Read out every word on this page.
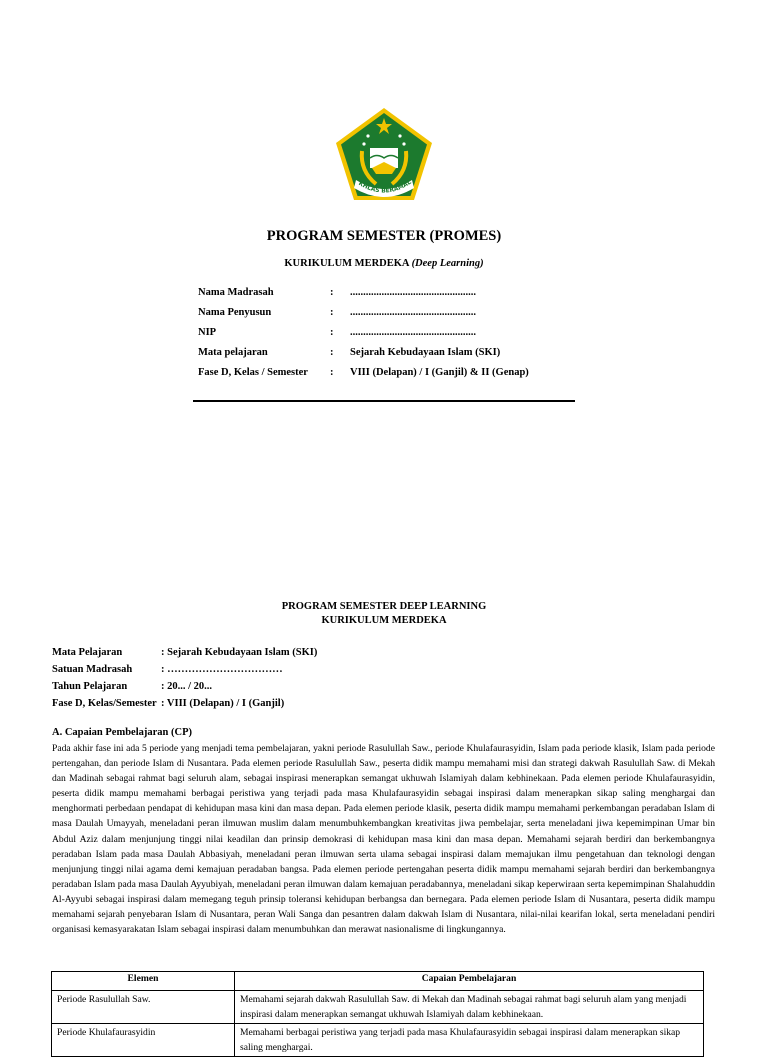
KHLAS BERAMAL
PROGRAM SEMESTER (PROMES)
KURIKULUM MERDEKA (Deep Learning)
Nama Madrasah	: ................................................
Nama Penyusun	: ................................................
NIP	: ................................................
Mata pelajaran	: Sejarah Kebudayaan Islam (SKI)
Fase D, Kelas / Semester : VIII (Delapan) / I (Ganjil) & II (Genap)
PROGRAM SEMESTER DEEP LEARNING
KURIKULUM MERDEKA
Mata Pelajaran	: Sejarah Kebudayaan Islam (SKI)
Satuan Madrasah	: ……………………………
Tahun Pelajaran	: 20... / 20...
Fase D, Kelas/Semester : VIII (Delapan) / I (Ganjil)
A. Capaian Pembelajaran (CP)
Pada akhir fase ini ada 5 periode yang menjadi tema pembelajaran, yakni periode Rasulullah Saw., periode Khulafaurasyidin, Islam pada periode klasik, Islam pada periode pertengahan, dan periode Islam di Nusantara. Pada elemen periode Rasulullah Saw., peserta didik mampu memahami misi dan strategi dakwah Rasulullah Saw. di Mekah dan Madinah sebagai rahmat bagi seluruh alam, sebagai inspirasi menerapkan semangat ukhuwah Islamiyah dalam kebhinekaan. Pada elemen periode Khulafaurasyidin, peserta didik mampu memahami berbagai peristiwa yang terjadi pada masa Khulafaurasyidin sebagai inspirasi dalam menerapkan sikap saling menghargai dan menghormati perbedaan pendapat di kehidupan masa kini dan masa depan. Pada elemen periode klasik, peserta didik mampu memahami perkembangan peradaban Islam di masa Daulah Umayyah, meneladani peran ilmuwan muslim dalam menumbuhkembangkan kreativitas jiwa pembelajar, serta meneladani jiwa kepemimpinan Umar bin Abdul Aziz dalam menjunjung tinggi nilai keadilan dan prinsip demokrasi di kehidupan masa kini dan masa depan. Memahami sejarah berdiri dan berkembangnya peradaban Islam pada masa Daulah Abbasiyah, meneladani peran ilmuwan serta ulama sebagai inspirasi dalam memajukan ilmu pengetahuan dan teknologi dengan menjunjung tinggi nilai agama demi kemajuan peradaban bangsa. Pada elemen periode pertengahan peserta didik mampu memahami sejarah berdiri dan berkembangnya peradaban Islam pada masa Daulah Ayyubiyah, meneladani peran ilmuwan dalam kemajuan peradabannya, meneladani sikap keperwiraan serta kepemimpinan Shalahuddin Al-Ayyubi sebagai inspirasi dalam memegang teguh prinsip toleransi kehidupan berbangsa dan bernegara. Pada elemen periode Islam di Nusantara, peserta didik mampu memahami sejarah penyebaran Islam di Nusantara, peran Wali Sanga dan pesantren dalam dakwah Islam di Nusantara, nilai-nilai kearifan lokal, serta meneladani pendiri organisasi kemasyarakatan Islam sebagai inspirasi dalam menumbuhkan dan merawat nasionalisme di lingkungannya.
Elemen	Capaian Pembelajaran
Periode Rasulullah Saw.	Memahami sejarah dakwah Rasulullah Saw. di Mekah dan Madinah sebagai rahmat bagi seluruh alam yang menjadi inspirasi dalam menerapkan semangat ukhuwah Islamiyah dalam kebhinekaan.
Periode Khulafaurasyidin	Memahami berbagai peristiwa yang terjadi pada masa Khulafaurasyidin sebagai inspirasi dalam menerapkan sikap saling menghargai.
